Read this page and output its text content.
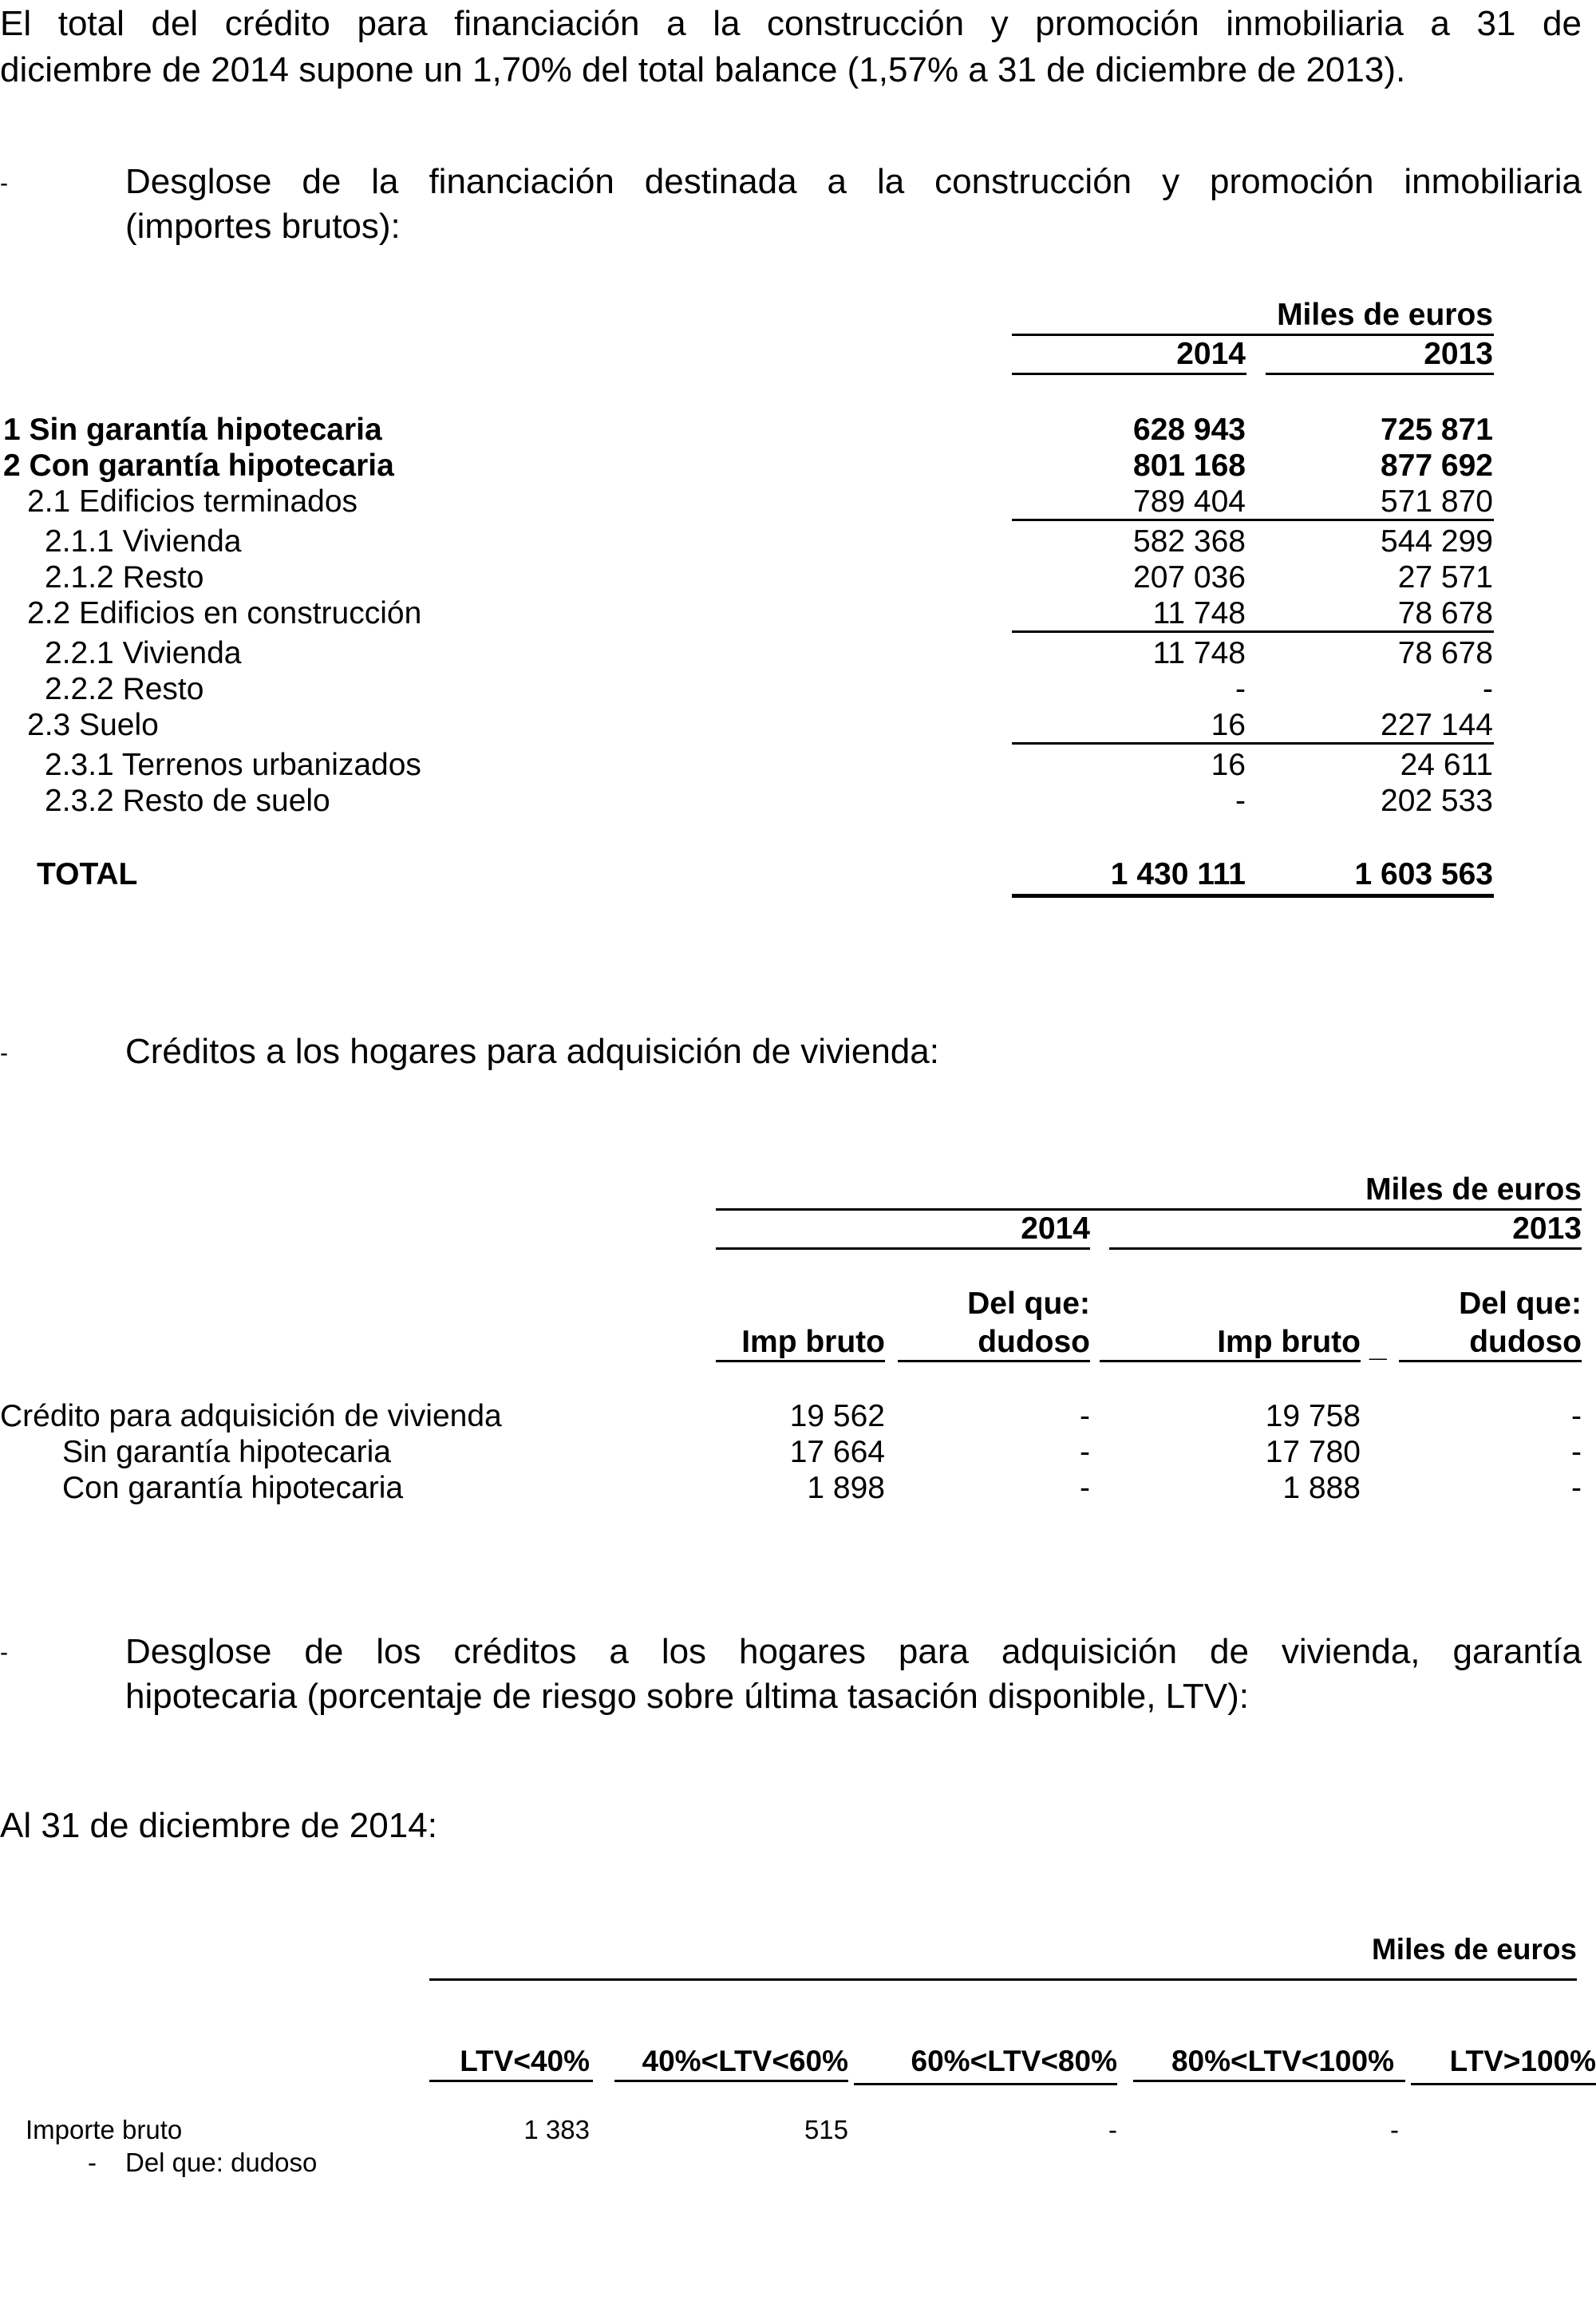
El total del crédito para financiación a la construcción y promoción inmobiliaria a 31 de
diciembre de 2014 supone un 1,70% del total balance (1,57% a 31 de diciembre de 2013).
-	Desglose de la financiación destinada a la construcción y promoción inmobiliaria
(importes brutos):
Miles de euros
2014	2013
1 Sin garantía hipotecaria	628 943	725 871
2 Con garantía hipotecaria	801 168	877 692
2.1 Edificios terminados	789 404	571 870
2.1.1 Vivienda	582 368	544 299
2.1.2 Resto	207 036	27 571
2.2 Edificios en construcción	11 748	78 678
2.2.1 Vivienda	11 748	78 678
2.2.2 Resto	-	-
2.3 Suelo	16	227 144
2.3.1 Terrenos urbanizados	16	24 611
2.3.2 Resto de suelo	-	202 533
TOTAL	1 430 111	1 603 563
-	Créditos a los hogares para adquisición de vivienda:
Miles de euros
2014	2013
Del que:	Del que:
Imp bruto	dudoso	Imp bruto _	dudoso
Crédito para adquisición de vivienda	19 562	-	19 758	-
Sin garantía hipotecaria	17 664	-	17 780	-
Con garantía hipotecaria	1 898	-	1 888	-
-	Desglose de los créditos a los hogares para adquisición de vivienda, garantía
hipotecaria (porcentaje de riesgo sobre última tasación disponible, LTV):
Al 31 de diciembre de 2014:
Miles de euros
LTV<40% 40%<LTV<60% 60%<LTV<80% 80%<LTV<100% LTV>100%
Importe bruto	1 383	515	-	-
- Del que: dudoso
